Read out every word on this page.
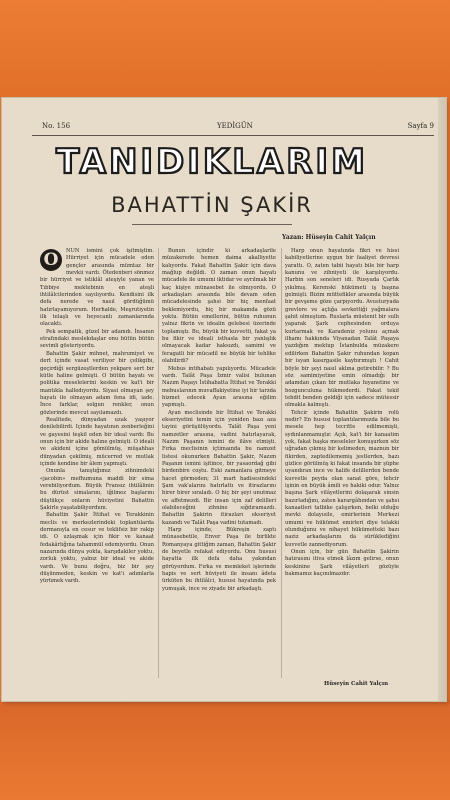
No. 156	YEDİGÜN	Sayfa 9
TANIDIKLARIM
BAHATTİN ŞAKİR
Yazan: Hüseyin Cahit Yalçın
O	NUN ismini çok işitmiştim. Hürriyet için mücadele eden gençler arasında mümtaz bir mevkii vardı. Ötedenberi sönmez bir hürriyet ve istiklâl ateşiyle yanan ve Tıbbiye mektebinin en ateşli ihtilâlcilerinden sayılıyordu. Kendisini ilk defa nerede ve nasıl gördüğümü hatırlayamıyorum. Herhalde, Meşrutiyetin ilk telaşlı ve heyecanlı zamanlarında olacaktı.

Pek sempatik, güzel bir adamdı. İnsanın etrafındaki meslekdaşlar onu bütün bütün sevimli gösteriyordu.

Bahattin Şakir mihnet, mahrumiyet ve dert içinde vasat veriliyor bir çelikgibi, geçirdiği sergüzeştlerden yekpare sert bir kütle haline gelmişti. O bütün hayatı ve politika meselelerini keskin ve kat'i bir mantıkla halledıyordu. Siyasi olmayan şey hayatı ile olmayan adam fena idi, iade. İnce farklar, solgun renkler, onun gözlerinde mevcut sayılamazdı.

Realitede, dünyadan uzak yaşıyor denilebilirdi. Içinde hayatının zenberleğini ve gayesini teşkil eden bir ideal vardı: Bu onun için bir akide halıne gelmişti. O ideali ve akideni içine gömülmüş, müşahhas dünyadan çekilmiş, mücerred ve mutlak içinde kendine bir âlem yapmıştı.

Onunla tanıştığımız zihnimdeki «jacobin» mefhumuna maddi bir sima verebiliyordum. Büyük Fransız ihtilâlinin bu dürüst simalarını, iğilmez başlarını düştükçe onların hüviyetini Bahattin Şakirle yaşatabiliyordum.

Bahattin Şakir İttihat ve Terakkinin meclis ve merkezlerindeki toplantılarda dermanıyla en cesur ve teklifsiz bir rakip idi. O uzlaşmak için fikir ve kanaat fedakârlığına tahammül edemiyordu. Onun nazarında dünya yokta, karşıdakiler yoktu, zorluk yoktu, yalnız bir ideal ve akide vardı. Ve bunu doğru, biz bir şey düşünmeden, keskin ve kat'i adımlarla yürümek vardı.

Bunun içindir ki arkadaşlarile müzakerede hemen daima akalliyette kalıyordu. Fakat Bahattin Şakir için dava mağlup değildi. O zaman onun hayatı mücadele ile umumi iktidar ve ayrılmak bir kaç kişiye münasebet ile olmıyordu. O arkadaşları arasında bile devam eden mücadelesinde şahsi bir hiç menfaat beklemiyordu, hiç bir makamda gözü yoktu. Bütün emellerini, bütün ruhunun yalnız fikrin ve idealin gelebesi üzerinde toplamıştı. Bu, büyük bir kuvvetti, fakat ya bu fikir ve ideali isthasla bir yanlışlık olmayacak kadar haksızdı, samimi ve feragatli bir mücadil ne büyük bir tehlike olabilirdi?

Mebus intihabatı yapılıyordu. Mücadele vardı. Talât Paşa İzmir valisi bulunan Nazım Paşayı İstihabatta İttihat ve Terakki mebuslarının muvaffakiyetine iyi bir tarzda hizmet edecek Ayan arasına eğilim yapmıştı.

Ayan meclisinde bir İttihat ve Terakki ekseriyetini temin için yeniden bazı aza tayini görüşülüyordu. Talât Paşa yeni namzetler arasına, vadini hatırlayarak, Nazım Paşanın ismini de ilâve etmişti. Fırka meclisinin içtimaında bu namzet listesi okunurken Bahattin Şakir, Nazım Paşanın ismini işitince, bir yasaordağ gibi birdenbire coştu. Eski zamanlara gitmeye hacet görmeden; 31 mart hadisesindeki Şam vak'alarını hatırlattı ve itirazlarını birer birer sıraladı. O hiç bir şeyi unutmaz ve affetmezdi. Bir insan için zaf delilleri olabileceğini zihnine sığdıramazdı. Bahattin Şakirin itirazları ekseriyet kazandı ve Talât Paşa vadini tutamadı.

Harp içinde, Bükreşin zaptı münasebetile, Enver Paşa ile birlikte Romanyaya gittiğim zaman, Bahattin Şakir de beyetle refakat ediyordu. Onu hususi hayatta ilk defa daha yakından görüyordum. Fırka ve memleket işlerinde hapis ve sert hüviyeti ile insanı âdeta ürküten bu ihtilâlci, hususi hayatında pek yumuşak, ince ve ziyade bir arkadaştı.

Harp onun hayatında fikri ve hissi kabiliyetlerine uygun bir faaliyet devresi yarattı. O, zaten tabii hayatı bile bir harp kanunu ve zihniyeti ile karşılıyordu. Harbin son seneleri idi. Rusyada Çarlık yıkılmış. Kerenski hükümeti iş başına gelmişti. Bizim müttefikler arasında büyük bir gevşeme göze çarpıyordu. Avusturyada grevlere ve açlığa sevkettiği yağmalara şahit olmuştum. Ruslarla müstenit bir sulh yaparak Şark cephesinden orduya kurtarmak ve Karadeniz yolunu açmak ilhamı hakkında Viyanadan Talât Paşaya yazdığım mektup İstanbulda müzakere edilirken Bahattin Şakir ruhundan kopan bir isyan kasırgasile kaybırımıştı ! Cahit böyle bir şeyi nasıl aklına getirebilir. ? Bu söz samimiyetine emin olmadığı bir adamdan çıkan bir mutlaka hıyanetine ve bozgunculuna hükmederdi. Fakat tekif tehdit benden geldiği için sadece mütessir olmakla kalmıştı.

Tehcir içinde Bahattin Şakirin rolü nedir? En hususi toplantılarımızda bile bu mesele hep tecritte edilmemişti, sydınlanmamıştır. Açık, kat'i bir kanaatim yok, fakat başka meseleler konuşurken söz uğradan çıkmış bir kelimeden, maznun bir fikirden, zaptedilememiş jestlerden, bazı gizlice görülmüş ki fakat insanda bir şüphe uyandıran ince ve halife delillerden bende kuvvetle peyda olan sanat göre, tehcir işinin en büyük âmili ve hakiki odur. Yalnız başına Şark vilâyetlerini dolaşarak sinsin bazırladığını, zaten karargâhından ve şahsi kanaatleri tatbike çalışırken, belki olduğu mevki dolayısile, emirlerinin Merkezi umumi ve hükümet emirleri diye telakki olunduğunu ve nihayet hükümetteki bazı naziz arkadaşlarını da sürüklediğini kuvvetle zannediyorum.

Onun için, bir gün Bahattin Şakirin hatırasını itiva etmek lâzım gelirse, onun keskinine Şark vilâyetleri gözüyle bakmamız kaçınılmazdır.

Hüseyin Cahit Yalçın
